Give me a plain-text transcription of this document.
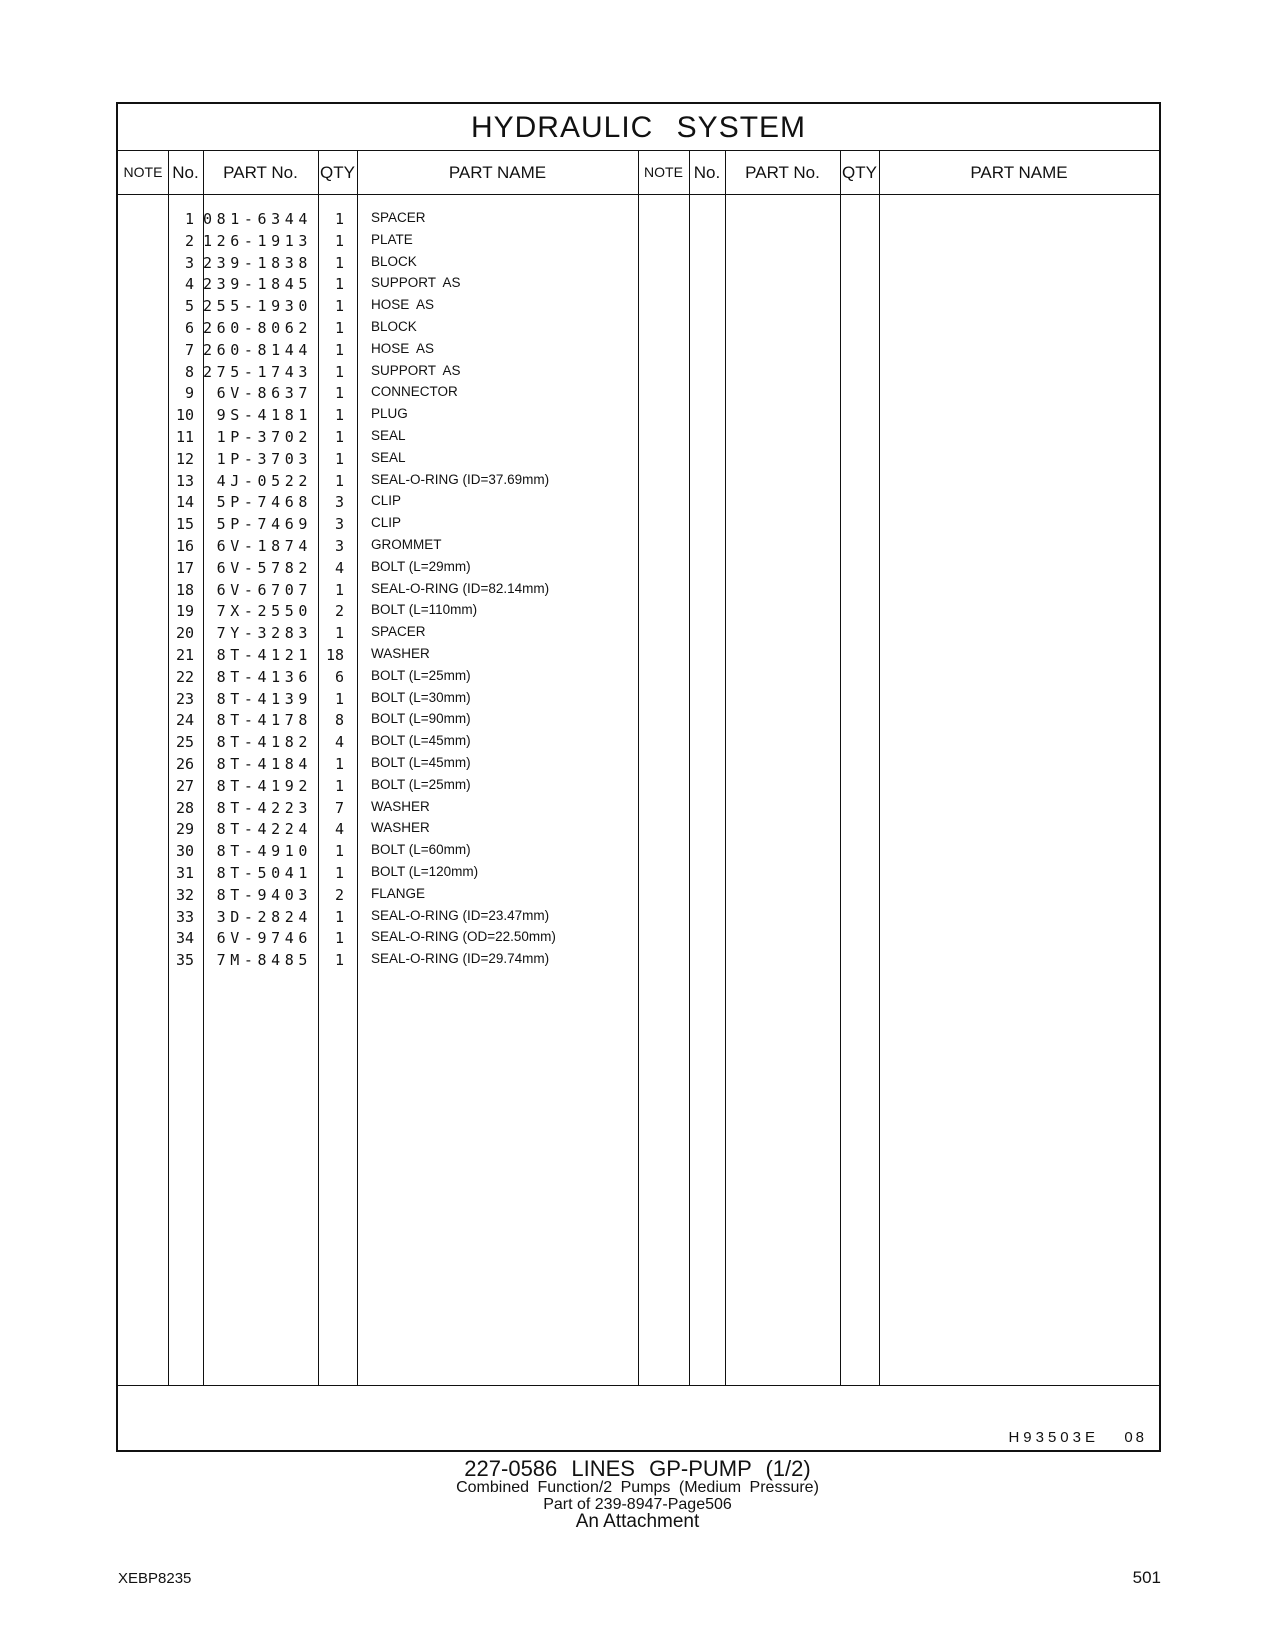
HYDRAULIC SYSTEM
NOTE No.	PART No.	QTY	PART NAME	NOTE No.	PART No.	QTY	PART NAME
1 081-6344	1 SPACER
2 126-1913	1 PLATE
3 239-1838	1 BLOCK
4 239-1845	1 SUPPORT  AS
5 255-1930	1 HOSE  AS
6 260-8062	1 BLOCK
7 260-8144	1 HOSE  AS
8 275-1743	1 SUPPORT  AS
9	6V-8637	1 CONNECTOR
10	9S-4181	1 PLUG
11	1P-3702	1 SEAL
12	1P-3703	1 SEAL
13	4J-0522	1 SEAL-O-RING (ID=37.69mm)
14	5P-7468	3 CLIP
15	5P-7469	3 CLIP
16	6V-1874	3 GROMMET
17	6V-5782	4 BOLT (L=29mm)
18	6V-6707	1 SEAL-O-RING (ID=82.14mm)
19	7X-2550	2 BOLT (L=110mm)
20	7Y-3283	1 SPACER
21	8T-4121 18 WASHER
22	8T-4136	6 BOLT (L=25mm)
23	8T-4139	1 BOLT (L=30mm)
24	8T-4178	8 BOLT (L=90mm)
25	8T-4182	4 BOLT (L=45mm)
26	8T-4184	1 BOLT (L=45mm)
27	8T-4192	1 BOLT (L=25mm)
28	8T-4223	7 WASHER
29	8T-4224	4 WASHER
30	8T-4910	1 BOLT (L=60mm)
31	8T-5041	1 BOLT (L=120mm)
32	8T-9403	2 FLANGE
33	3D-2824	1 SEAL-O-RING (ID=23.47mm)
34	6V-9746	1 SEAL-O-RING (OD=22.50mm)
35	7M-8485	1 SEAL-O-RING (ID=29.74mm)
H93503E 08
227-0586 LINES GP-PUMP (1/2)
Combined Function/2 Pumps (Medium Pressure)
Part of 239-8947-Page506
An Attachment
XEBP8235	501
